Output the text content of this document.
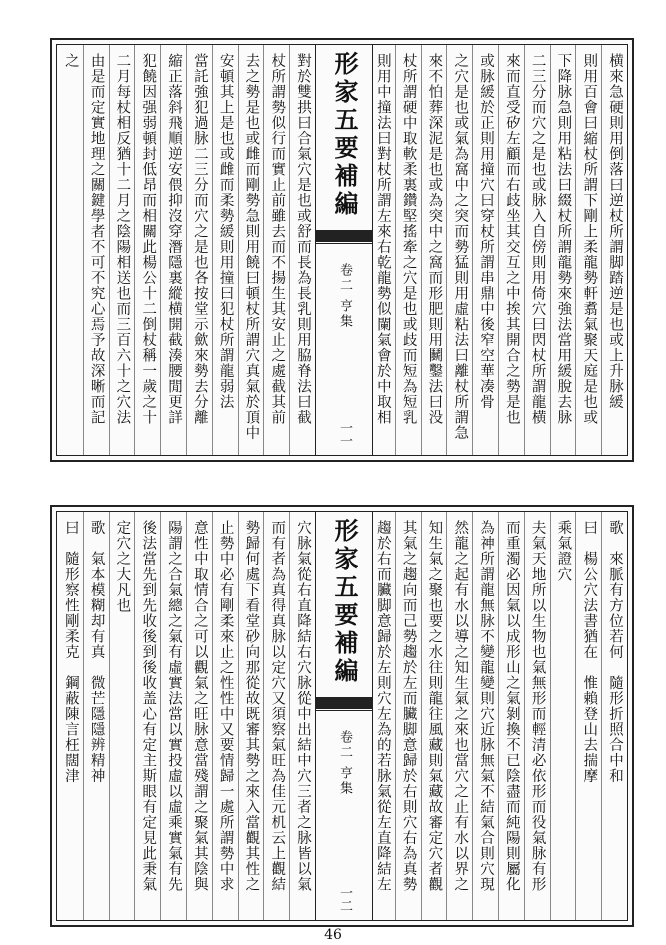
横來急硬則用倒落曰逆杖所謂脚踏逆是也或上升脉緩
則用百會曰縮杖所謂下剛上柔龍勢軒翥氣聚天庭是也或
下降脉急則用粘法曰綴杖所謂龍勢來強法當用緩脫去脉
二三分而穴之是也或脉入自傍則用倚穴曰閃杖所謂龍横
來而直受矽左顧而右歧坐其交互之中挨其開合之勢是也
或脉緩於正則用撞穴曰穿杖所謂串鼎中後窄空華凑骨
之穴是也或氣為窩中之突而勢猛則用虛粘法曰離杖所謂急
來不怕葬深泥是也或為突中之窩而形肥則用鬭鑿法曰没
杖所謂硬中取軟柔裏鑽堅搖牽之穴是也或歧而短為短乳
則用中撞法曰對杖所謂左來右乾龍勢似闌氣會於中取相
形家五要補編
卷二 亨集
一一
對於雙拱曰合氣穴是也或舒而長為長乳則用脇脊法曰截
杖所謂勢似行而實止前雖去而不揚生其安止之處截其前
去之勢是也或雌而剛勢急則用饒曰頓杖所謂穴真氣於頂中
安頓其上是也或雌而柔勢緩則用撞曰犯杖所謂龍弱法
當託強犯過脉二三分而穴之是也各按堂示歛來勢去分離
縮正落斜飛順逆安偎抑沒穿潛隱裏縱横開截湊腰閒更詳
犯饒因强弱頓封低昂而相關此楊公十二倒杖稱一歲之十
二月每杖相反猶十二月之陰陽相送也而三百六十之穴法
由是而定實地理之關鍵學者不可不究心焉予故深晰而記
之
歌　來脈有方位若何　隨形折照合中和
曰　楊公穴法書猶在　惟賴登山去揣摩
乘氣證穴
夫氣天地所以生物也氣無形而輕清必依形而役氣脉有形
而重濁必因氣以成形山之氣剝換不已陰盡而純陽則屬化
為神所謂龍無脉不變龍變則穴近脉無氣不結氣合則穴現
然龍之起有水以導之知生氣之來也當穴之止有水以界之
知生氣之聚也要之水往則龍往風藏則氣藏故審定穴者觀
其氣之趨向而己勢趨於左而臟脚意歸於右則穴右為真勢
趨於右而臟脚意歸於左則穴左為的若脉氣從左直降結左
形家五要補編
卷二 亨集
一二
穴脉氣從右直降結右穴脉從中出結中穴三者之脉皆以氣
而有者為真得真脉以定穴又須察氣旺為佳元机云上觀結
勢歸何處下看堂砂向那從故既審其勢之來入當觀其性之
止勢中必有剛柔來止之性性中又要情歸一處所謂勢中求
意性中取情合之可以觀氣之旺脉意當殘謂之聚氣其陰與
陽謂之合氣總之氣有虛實法當以實投虛以虛乘實氣有先
後法當先到先收後到後收盖心有定主斯眼有定見此秉氣
定穴之大凡也
歌　氣本模糊却有真　微芒隱隱辨精神
曰　隨形察性剛柔克　鋼蔽陳言枉闊津
46
